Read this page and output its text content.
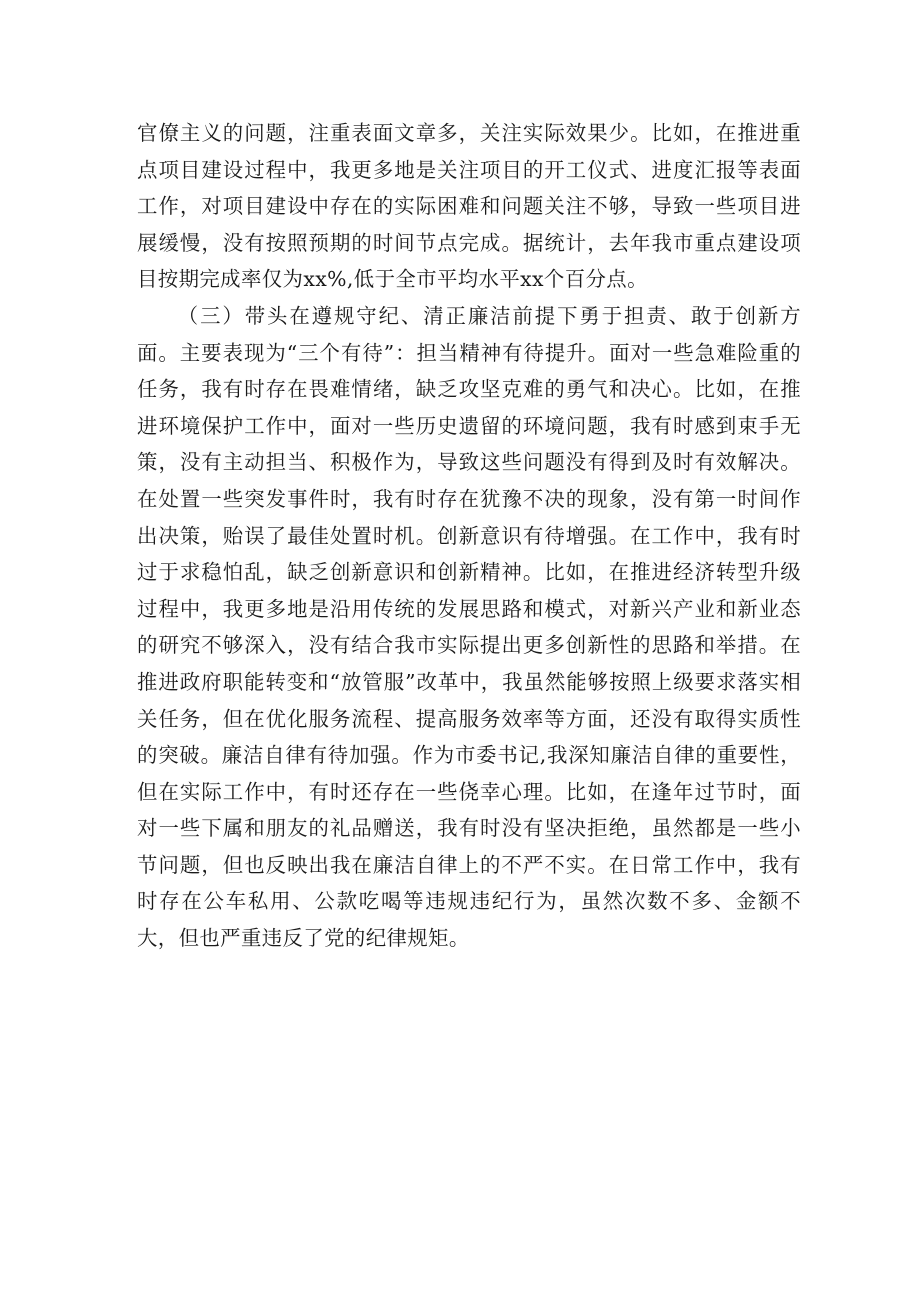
官僚主义的问题，注重表面文章多，关注实际效果少。比如，在推进重点项目建设过程中，我更多地是关注项目的开工仪式、进度汇报等表面工作，对项目建设中存在的实际困难和问题关注不够，导致一些项目进展缓慢，没有按照预期的时间节点完成。据统计，去年我市重点建设项目按期完成率仅为xx%,低于全市平均水平xx个百分点。

（三）带头在遵规守纪、清正廉洁前提下勇于担责、敢于创新方面。主要表现为“三个有待”：担当精神有待提升。面对一些急难险重的任务，我有时存在畏难情绪，缺乏攻坚克难的勇气和决心。比如，在推进环境保护工作中，面对一些历史遗留的环境问题，我有时感到束手无策，没有主动担当、积极作为，导致这些问题没有得到及时有效解决。在处置一些突发事件时，我有时存在犹豫不决的现象，没有第一时间作出决策，贻误了最佳处置时机。创新意识有待增强。在工作中，我有时过于求稳怕乱，缺乏创新意识和创新精神。比如，在推进经济转型升级过程中，我更多地是沿用传统的发展思路和模式，对新兴产业和新业态的研究不够深入，没有结合我市实际提出更多创新性的思路和举措。在推进政府职能转变和“放管服”改革中，我虽然能够按照上级要求落实相关任务，但在优化服务流程、提高服务效率等方面，还没有取得实质性的突破。廉洁自律有待加强。作为市委书记,我深知廉洁自律的重要性，但在实际工作中，有时还存在一些侥幸心理。比如，在逢年过节时，面对一些下属和朋友的礼品赠送，我有时没有坚决拒绝，虽然都是一些小节问题，但也反映出我在廉洁自律上的不严不实。在日常工作中，我有时存在公车私用、公款吃喝等违规违纪行为，虽然次数不多、金额不大，但也严重违反了党的纪律规矩。
